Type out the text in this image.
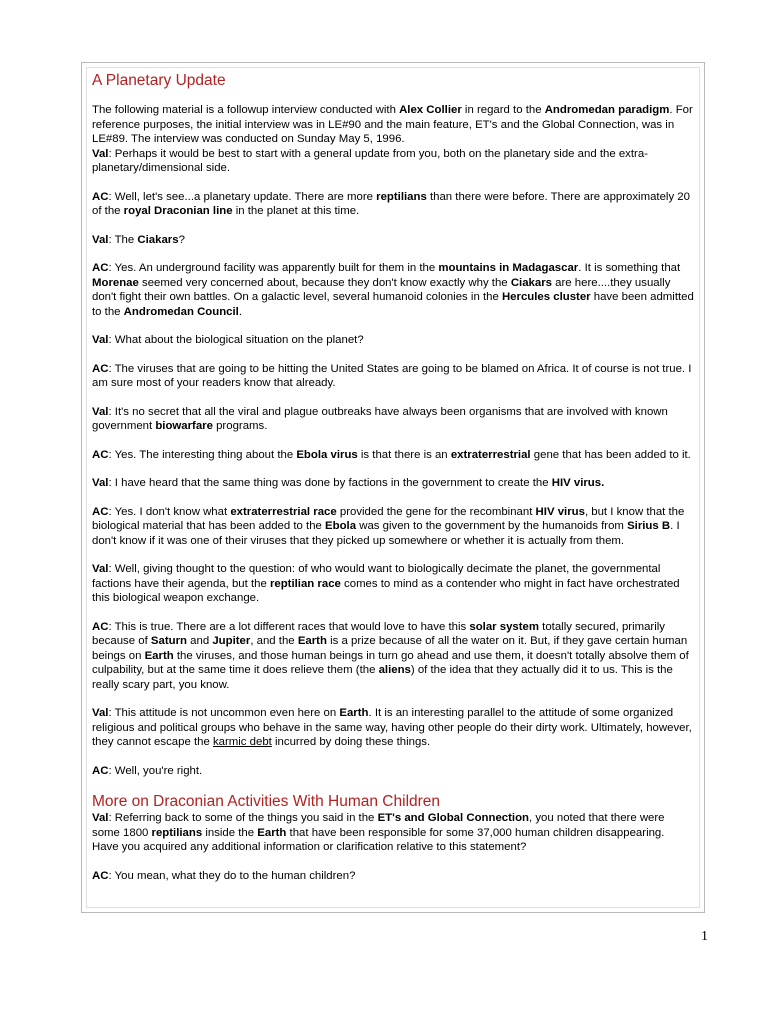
A Planetary Update

The following material is a followup interview conducted with Alex Collier in regard to the Andromedan paradigm. For reference purposes, the initial interview was in LE#90 and the main feature, ET's and the Global Connection, was in LE#89. The interview was conducted on Sunday May 5, 1996.

Val: Perhaps it would be best to start with a general update from you, both on the planetary side and the extra-planetary/dimensional side.

AC: Well, let's see...a planetary update. There are more reptilians than there were before. There are approximately 20 of the royal Draconian line in the planet at this time.

Val: The Ciakars?

AC: Yes. An underground facility was apparently built for them in the mountains in Madagascar. It is something that Morenae seemed very concerned about, because they don't know exactly why the Ciakars are here....they usually don't fight their own battles. On a galactic level, several humanoid colonies in the Hercules cluster have been admitted to the Andromedan Council.

Val: What about the biological situation on the planet?

AC: The viruses that are going to be hitting the United States are going to be blamed on Africa. It of course is not true. I am sure most of your readers know that already.

Val: It's no secret that all the viral and plague outbreaks have always been organisms that are involved with known government biowarfare programs.

AC: Yes. The interesting thing about the Ebola virus is that there is an extraterrestrial gene that has been added to it.

Val: I have heard that the same thing was done by factions in the government to create the HIV virus.

AC: Yes. I don't know what extraterrestrial race provided the gene for the recombinant HIV virus, but I know that the biological material that has been added to the Ebola was given to the government by the humanoids from Sirius B. I don't know if it was one of their viruses that they picked up somewhere or whether it is actually from them.

Val: Well, giving thought to the question: of who would want to biologically decimate the planet, the governmental factions have their agenda, but the reptilian race comes to mind as a contender who might in fact have orchestrated this biological weapon exchange.

AC: This is true. There are a lot different races that would love to have this solar system totally secured, primarily because of Saturn and Jupiter, and the Earth is a prize because of all the water on it. But, if they gave certain human beings on Earth the viruses, and those human beings in turn go ahead and use them, it doesn't totally absolve them of culpability, but at the same time it does relieve them (the aliens) of the idea that they actually did it to us. This is the really scary part, you know.

Val: This attitude is not uncommon even here on Earth. It is an interesting parallel to the attitude of some organized religious and political groups who behave in the same way, having other people do their dirty work. Ultimately, however, they cannot escape the karmic debt incurred by doing these things.

AC: Well, you're right.

More on Draconian Activities With Human Children

Val: Referring back to some of the things you said in the ET's and Global Connection, you noted that there were some 1800 reptilians inside the Earth that have been responsible for some 37,000 human children disappearing. Have you acquired any additional information or clarification relative to this statement?

AC: You mean, what they do to the human children?

1
